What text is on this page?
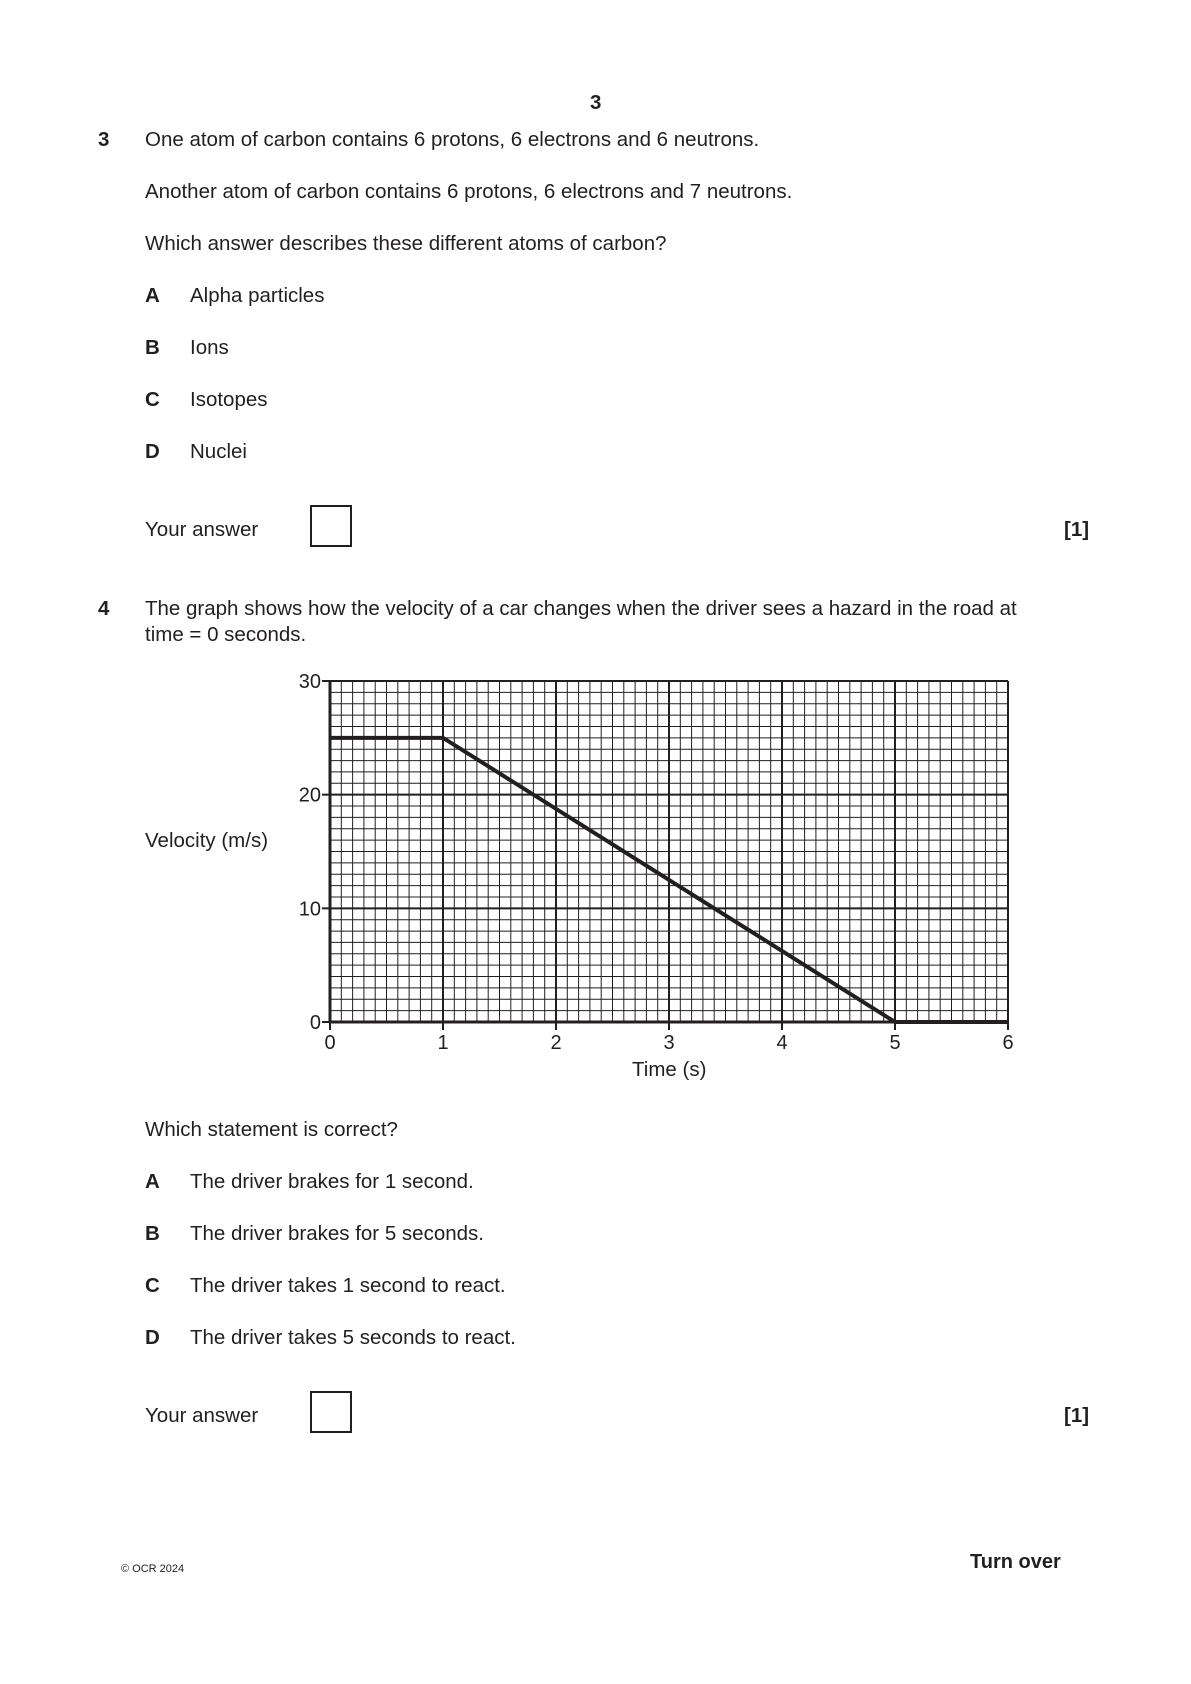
3
3 One atom of carbon contains 6 protons, 6 electrons and 6 neutrons.
Another atom of carbon contains 6 protons, 6 electrons and 7 neutrons.
Which answer describes these different atoms of carbon?
A Alpha particles
B Ions
C Isotopes
D Nuclei
Your answer	[1]
4 The graph shows how the velocity of a car changes when the driver sees a hazard in the road at
time = 0 seconds.
Velocity (m/s)
Time (s)
0	1	2	3	4	5	6
0
10
20
30
Which statement is correct?
A The driver brakes for 1 second.
B The driver brakes for 5 seconds.
C The driver takes 1 second to react.
D The driver takes 5 seconds to react.
Your answer	[1]
© OCR 2024	Turn over
